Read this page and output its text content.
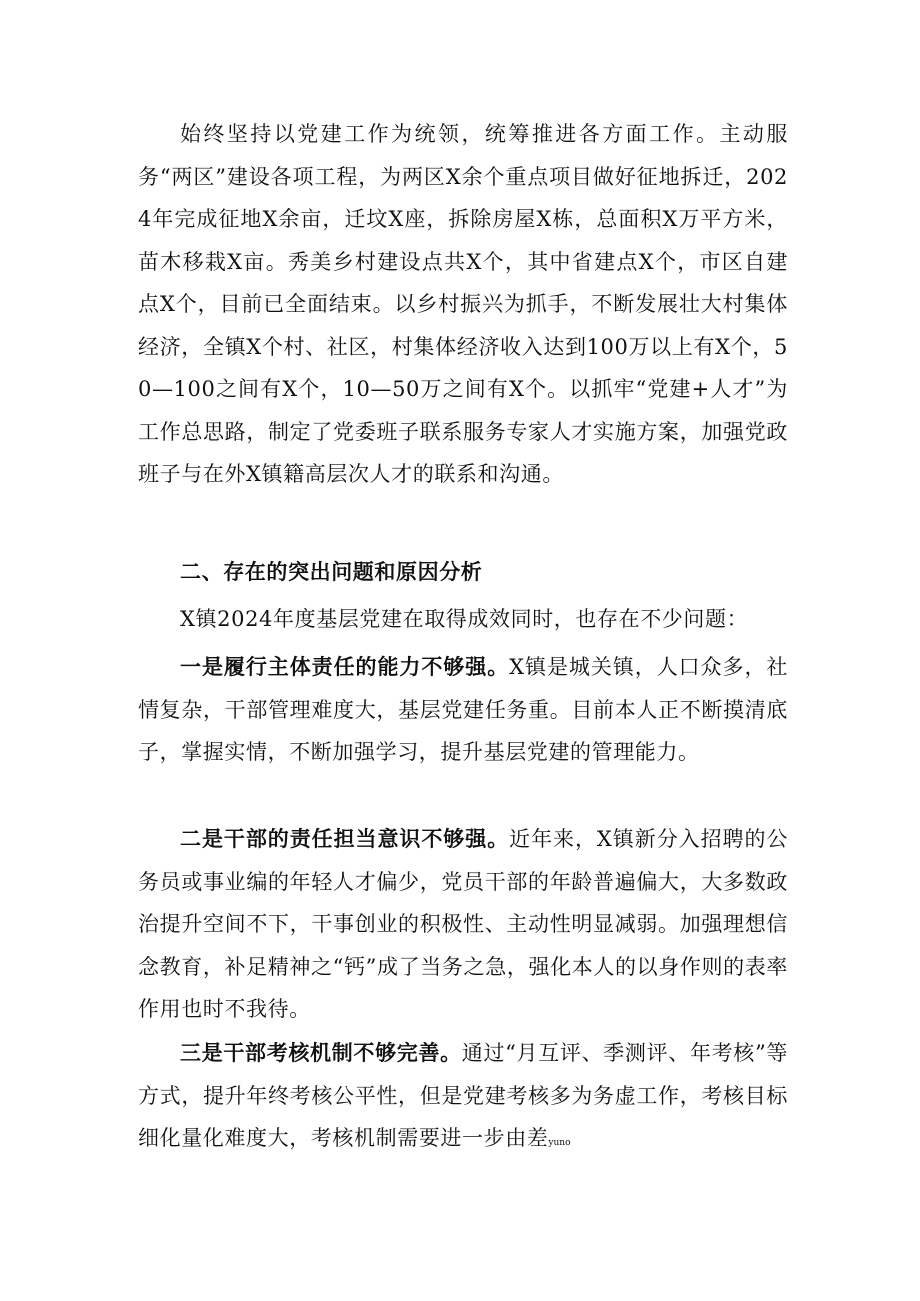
始终坚持以党建工作为统领，统筹推进各方面工作。主动服务“两区”建设各项工程，为两区X余个重点项目做好征地拆迁，2024年完成征地X余亩，迁坟X座，拆除房屋X栋，总面积X万平方米，苗木移栽X亩。秀美乡村建设点共X个，其中省建点X个，市区自建点X个，目前已全面结束。以乡村振兴为抓手，不断发展壮大村集体经济，全镇X个村、社区，村集体经济收入达到100万以上有X个，50—100之间有X个，10—50万之间有X个。以抓牢“党建+人才”为工作总思路，制定了党委班子联系服务专家人才实施方案，加强党政班子与在外X镇籍高层次人才的联系和沟通。

二、存在的突出问题和原因分析

X镇2024年度基层党建在取得成效同时，也存在不少问题：

一是履行主体责任的能力不够强。X镇是城关镇，人口众多，社情复杂，干部管理难度大，基层党建任务重。目前本人正不断摸清底子，掌握实情，不断加强学习，提升基层党建的管理能力。

二是干部的责任担当意识不够强。近年来，X镇新分入招聘的公务员或事业编的年轻人才偏少，党员干部的年龄普遍偏大，大多数政治提升空间不下，干事创业的积极性、主动性明显减弱。加强理想信念教育，补足精神之“钙”成了当务之急，强化本人的以身作则的表率作用也时不我待。

三是干部考核机制不够完善。通过“月互评、季测评、年考核”等方式，提升年终考核公平性，但是党建考核多为务虚工作，考核目标细化量化难度大，考核机制需要进一步由差yuno
